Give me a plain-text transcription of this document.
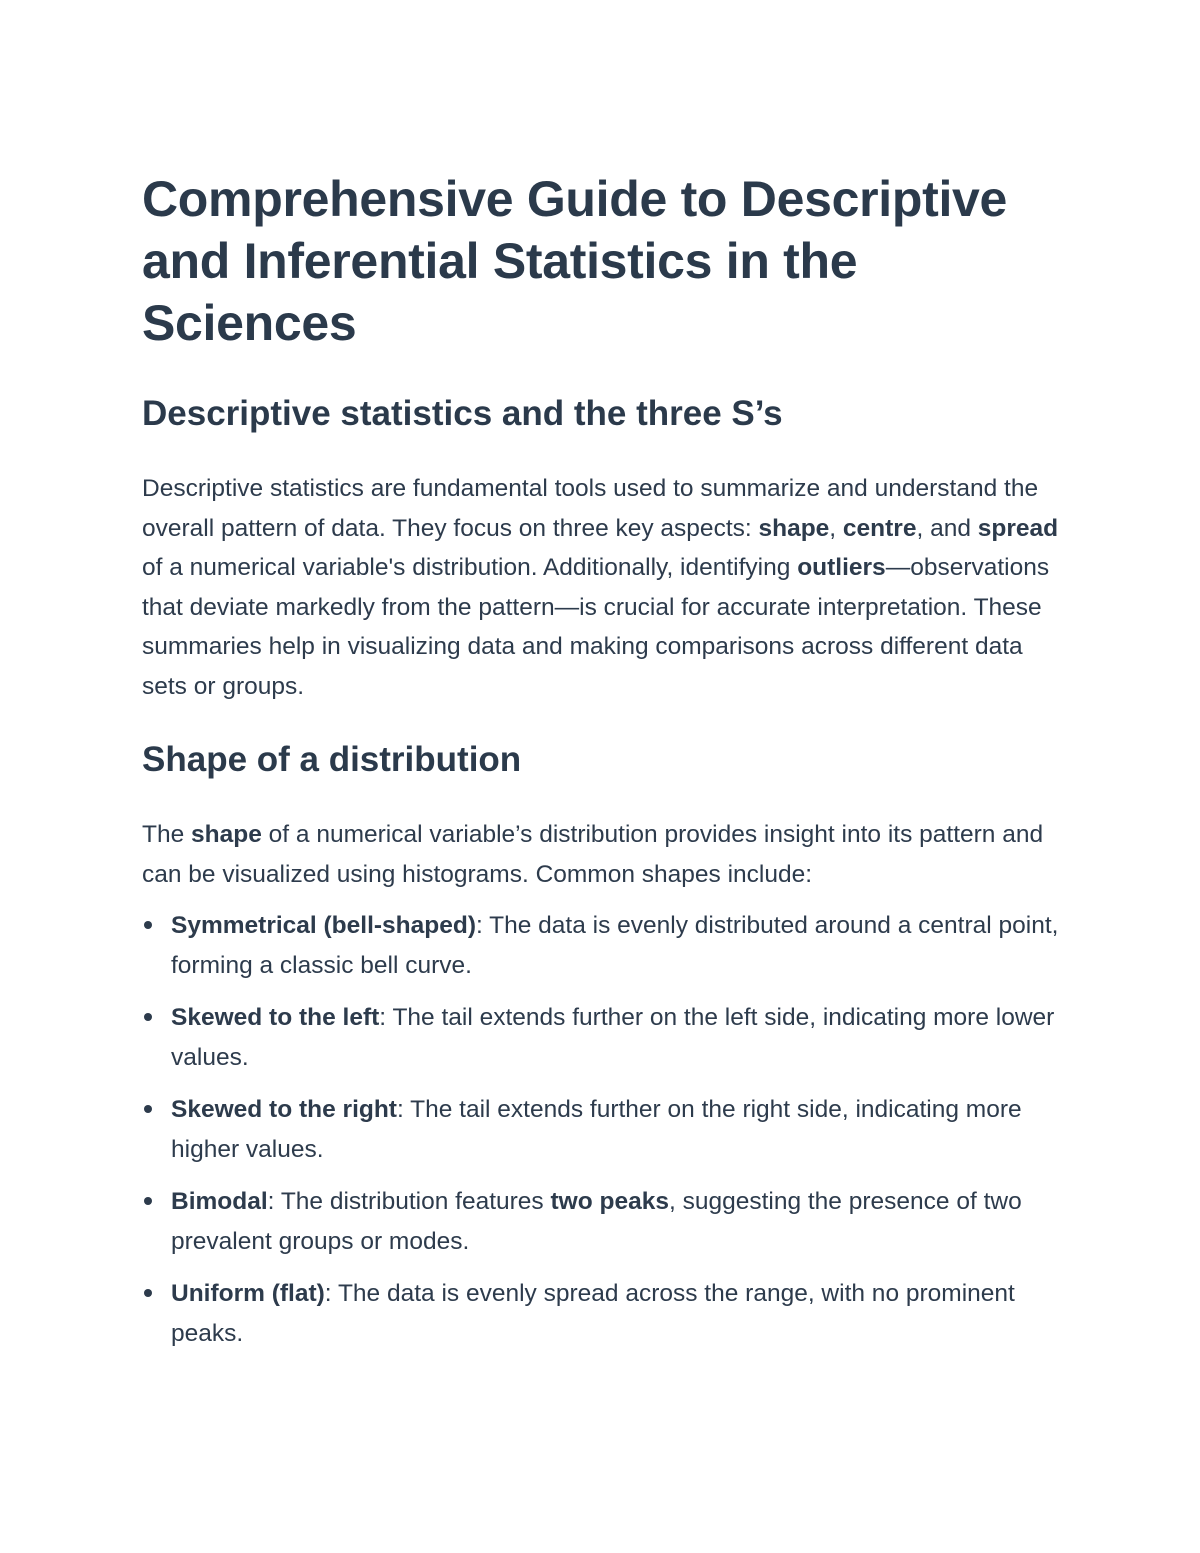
Comprehensive Guide to Descriptive and Inferential Statistics in the Sciences
Descriptive statistics and the three S’s

Descriptive statistics are fundamental tools used to summarize and understand the overall pattern of data. They focus on three key aspects: shape, centre, and spread of a numerical variable's distribution. Additionally, identifying outliers—observations that deviate markedly from the pattern—is crucial for accurate interpretation. These summaries help in visualizing data and making comparisons across different data sets or groups.

Shape of a distribution

The shape of a numerical variable’s distribution provides insight into its pattern and can be visualized using histograms. Common shapes include:

Symmetrical (bell-shaped): The data is evenly distributed around a central point, forming a classic bell curve.
Skewed to the left: The tail extends further on the left side, indicating more lower values.
Skewed to the right: The tail extends further on the right side, indicating more higher values.
Bimodal: The distribution features two peaks, suggesting the presence of two prevalent groups or modes.
Uniform (flat): The data is evenly spread across the range, with no prominent peaks.
